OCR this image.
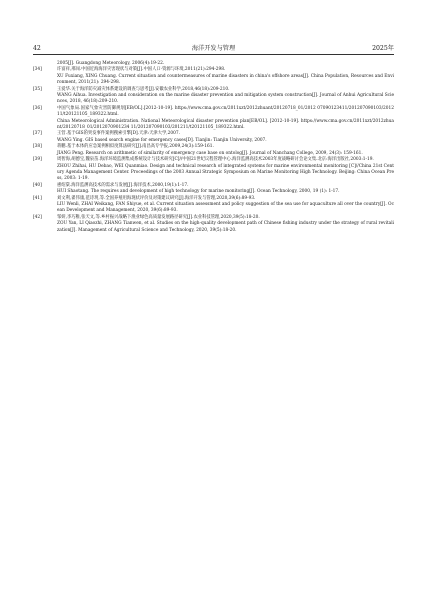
42	海洋开发与管理	2025年
2005[J]. Guangdong Meteorology, 2006(4):19-22.
[34]	许富祥,邢闯.中国近海海洋灾害现状与对策[J].中国人口·资源与环境,2011(21):294-298.
XU Fuxiang, XING Chuang. Current situation and countermeasures of marine disasters in china's offshore areas[J]. China Population, Resources and Environment, 2011(21): 294-298.
[35]	王爱华.关于海洋防灾减灾体系建设的调查与思考[J].安徽农业科学,2018,46(18):209-210.
WANG Aihua. Investigation and consideration on the marine disaster prevention and mitigation system construction[J]. Journal of Anhui Agricultural Sciences, 2018, 46(18):209-210.
[36]	中国气象局.国家气象灾害防御规划[EB/OL].[2012-10-19]. https://www.cma.gov.cn/2011xzt/2012zhuant/20120718_01/2012 07090123411/201207090103/201211/t20121105_189322.html.
China Meteorological Administration. National Meteorological disaster prevention plan[EB/OL]. [2012-10-19]. https://www.cma.gov.cn/2011xzt/2012zhuant/20120718_01/2012070901234 11/201207090103/201211/t20121105_189322.html.
[37]	王营.基于GIS的突发事件案例搜索引擎[D].天津:天津大学,2007.
WANG Ying. GIS based search engine for emergency cases[D]. Tianjin: Tianjin University, 2007.
[38]	蒋鹏.基于本体的应急案例相似度算法研究[J].南昌高专学报,2009,24(3):159-161.
JIANG Peng. Research on arithmetic of similarity of emergency case base on ontolog[J]. Journal of Nanchang College, 2009, 24(3): 159-161.
[39]	周智海,胡德宝,魏泉苗.海洋环境监测集成系统设计与技术研究[C]//中国21世纪议程管理中心.海洋监测高技术2003年度战略研讨会论文集.北京:海洋出版社,2003:1-19.
ZHOU Zhihai, HU Debao, WEI Quanmiao. Design and technical research of integrated systems for marine environmental monitoring [C]//China 21st Century Agenda Management Center. Proceedings of the 2003 Annual Strategic Symposium on Marine Monitoring High Technology. Beijing: China Ocean Press, 2003: 1-19.
[40]	惠绍棠.海洋监测高技术的需求与发展[J].海洋技术,2000,19(1):1-17.
HUI Shaotang. The requires and development of high technology for marine monitoring[J]. Ocean Technology, 2000, 19 (1): 1-17.
[41]	刘文利,翟伟康,范诗玥,等.全国养殖用海现状评价及对策建议研究[J].海洋开发与管理,2020,39(6):89-93.
LIU Wenli, ZHAI Weikang, FAN Shiyue, et al. Current situation assessment and policy suggestion of the sea use for aquaculture all over the country[J]. Ocean Development and Management, 2020, 39(6):89-93.
[42]	邹妍,李巧稚,张天文,等.乡村振兴战略下渔业绿色高质量发展路径研究[J].农业科技管理,2020,39(5):18-20.
ZOU Yan, LI Qiaozhi, ZHANG Tianwen, et al. Studies on the high-quality development path of Chinese fishing industry under the strategy of rural revitalization[J]. Management of Agricultural Science and Technology, 2020, 39(5):18-20.
